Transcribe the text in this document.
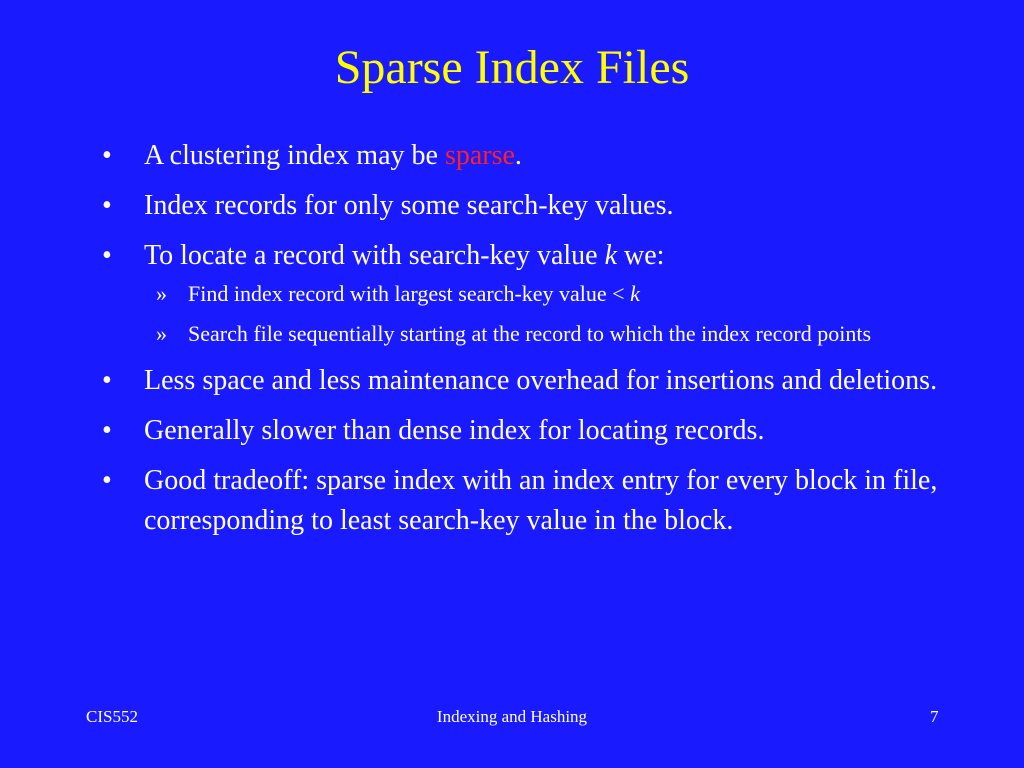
Sparse Index Files
• A clustering index may be sparse.
• Index records for only some search-key values.
• To locate a record with search-key value k we:
» Find index record with largest search-key value < k
» Search file sequentially starting at the record to which the index record points
• Less space and less maintenance overhead for insertions and deletions.
• Generally slower than dense index for locating records.
• Good tradeoff: sparse index with an index entry for every block in file, corresponding to least search-key value in the block.
CIS552	Indexing and Hashing	7
